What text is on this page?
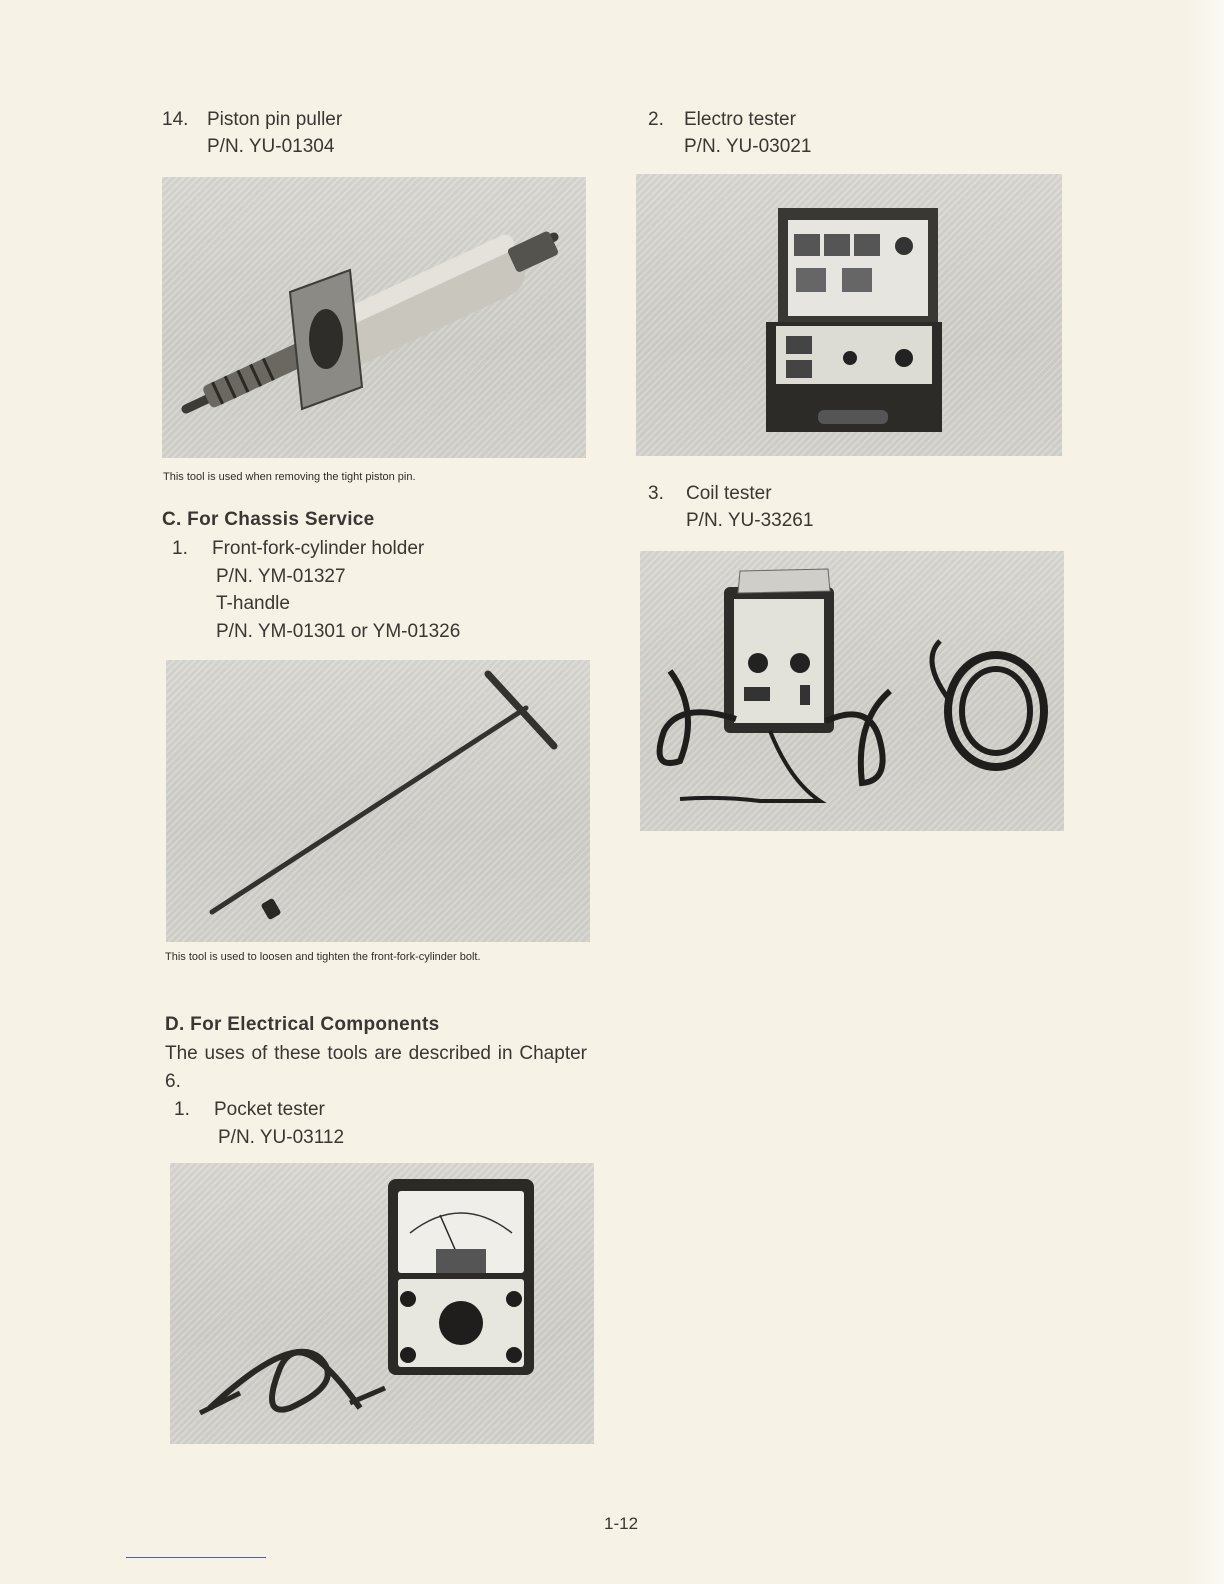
14. Piston pin puller
P/N. YU-01304
This tool is used when removing the tight piston pin.
C. For Chassis Service
1. Front-fork-cylinder holder
P/N. YM-01327
T-handle
P/N. YM-01301 or YM-01326
This tool is used to loosen and tighten the front-fork-cylinder bolt.
D. For Electrical Components
The uses of these tools are described in Chapter 6.
1. Pocket tester
P/N. YU-03112
2. Electro tester
P/N. YU-03021
3. Coil tester
P/N. YU-33261
1-12
